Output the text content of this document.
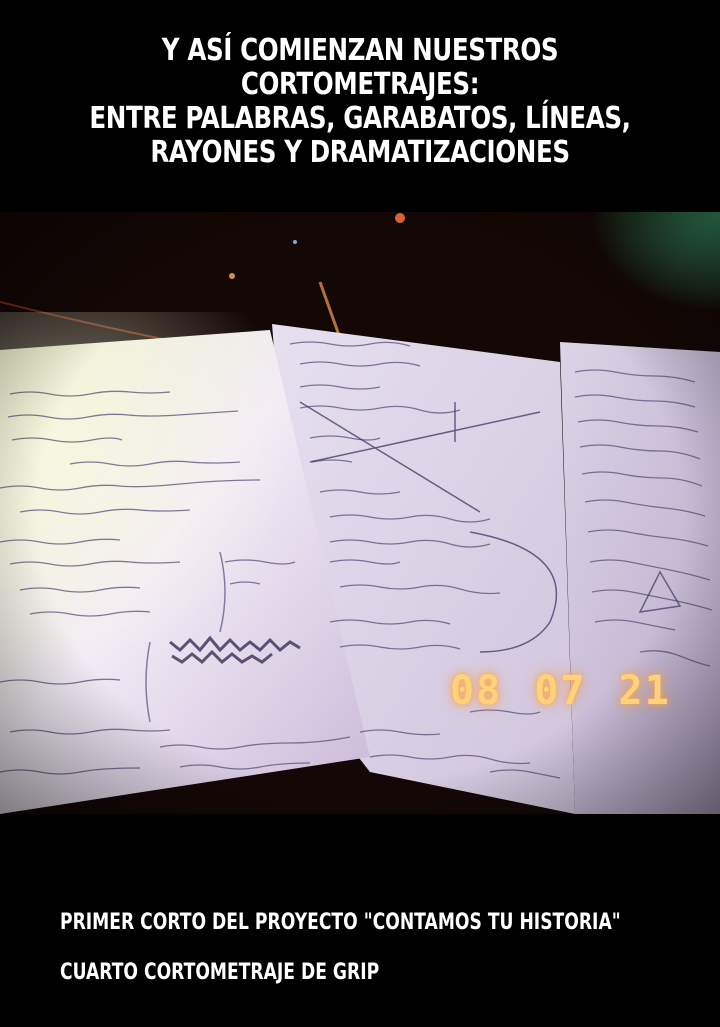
Y ASÍ COMIENZAN NUESTROS CORTOMETRAJES:
ENTRE PALABRAS, GARABATOS, LÍNEAS,
RAYONES Y DRAMATIZACIONES
08 07 21

PRIMER CORTO DEL PROYECTO "CONTAMOS TU HISTORIA"

CUARTO CORTOMETRAJE DE GRIP
